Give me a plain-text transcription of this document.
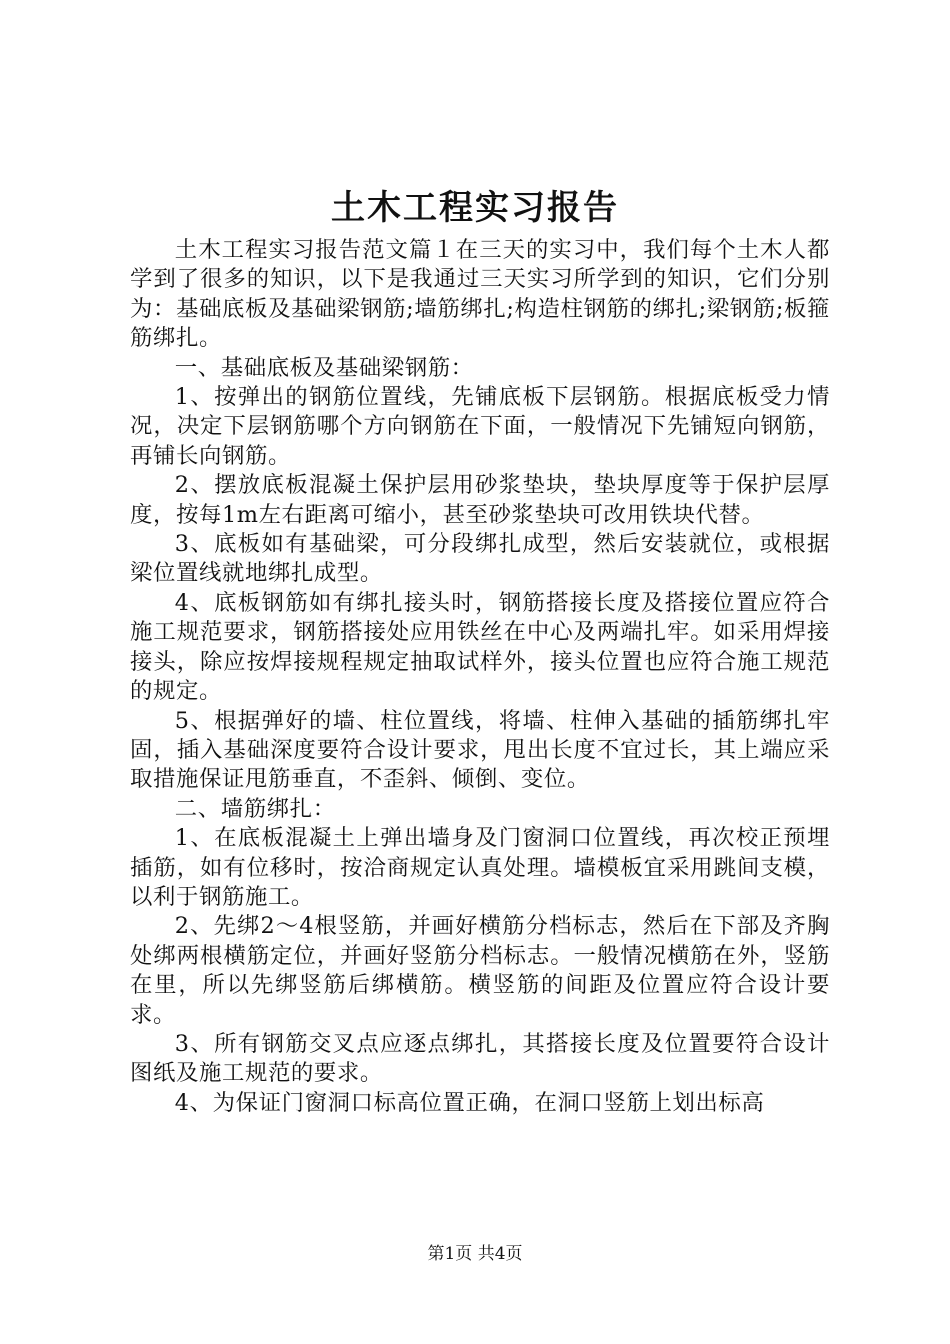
土木工程实习报告

土木工程实习报告范文篇１在三天的实习中，我们每个土木人都学到了很多的知识，以下是我通过三天实习所学到的知识，它们分别为：基础底板及基础梁钢筋;墙筋绑扎;构造柱钢筋的绑扎;梁钢筋;板箍筋绑扎。

一、基础底板及基础梁钢筋：

1、按弹出的钢筋位置线，先铺底板下层钢筋。根据底板受力情况，决定下层钢筋哪个方向钢筋在下面，一般情况下先铺短向钢筋，再铺长向钢筋。

2、摆放底板混凝土保护层用砂浆垫块，垫块厚度等于保护层厚度，按每1m左右距离可缩小，甚至砂浆垫块可改用铁块代替。

3、底板如有基础梁，可分段绑扎成型，然后安装就位，或根据梁位置线就地绑扎成型。

4、底板钢筋如有绑扎接头时，钢筋搭接长度及搭接位置应符合施工规范要求，钢筋搭接处应用铁丝在中心及两端扎牢。如采用焊接接头，除应按焊接规程规定抽取试样外，接头位置也应符合施工规范的规定。

5、根据弹好的墙、柱位置线，将墙、柱伸入基础的插筋绑扎牢固，插入基础深度要符合设计要求，甩出长度不宜过长，其上端应采取措施保证甩筋垂直，不歪斜、倾倒、变位。

二、墙筋绑扎：

1、在底板混凝土上弹出墙身及门窗洞口位置线，再次校正预埋插筋，如有位移时，按洽商规定认真处理。墙模板宜采用跳间支模，以利于钢筋施工。

2、先绑2～4根竖筋，并画好横筋分档标志，然后在下部及齐胸处绑两根横筋定位，并画好竖筋分档标志。一般情况横筋在外，竖筋在里，所以先绑竖筋后绑横筋。横竖筋的间距及位置应符合设计要求。

3、所有钢筋交叉点应逐点绑扎，其搭接长度及位置要符合设计图纸及施工规范的要求。

4、为保证门窗洞口标高位置正确，在洞口竖筋上划出标高

第1页 共4页
